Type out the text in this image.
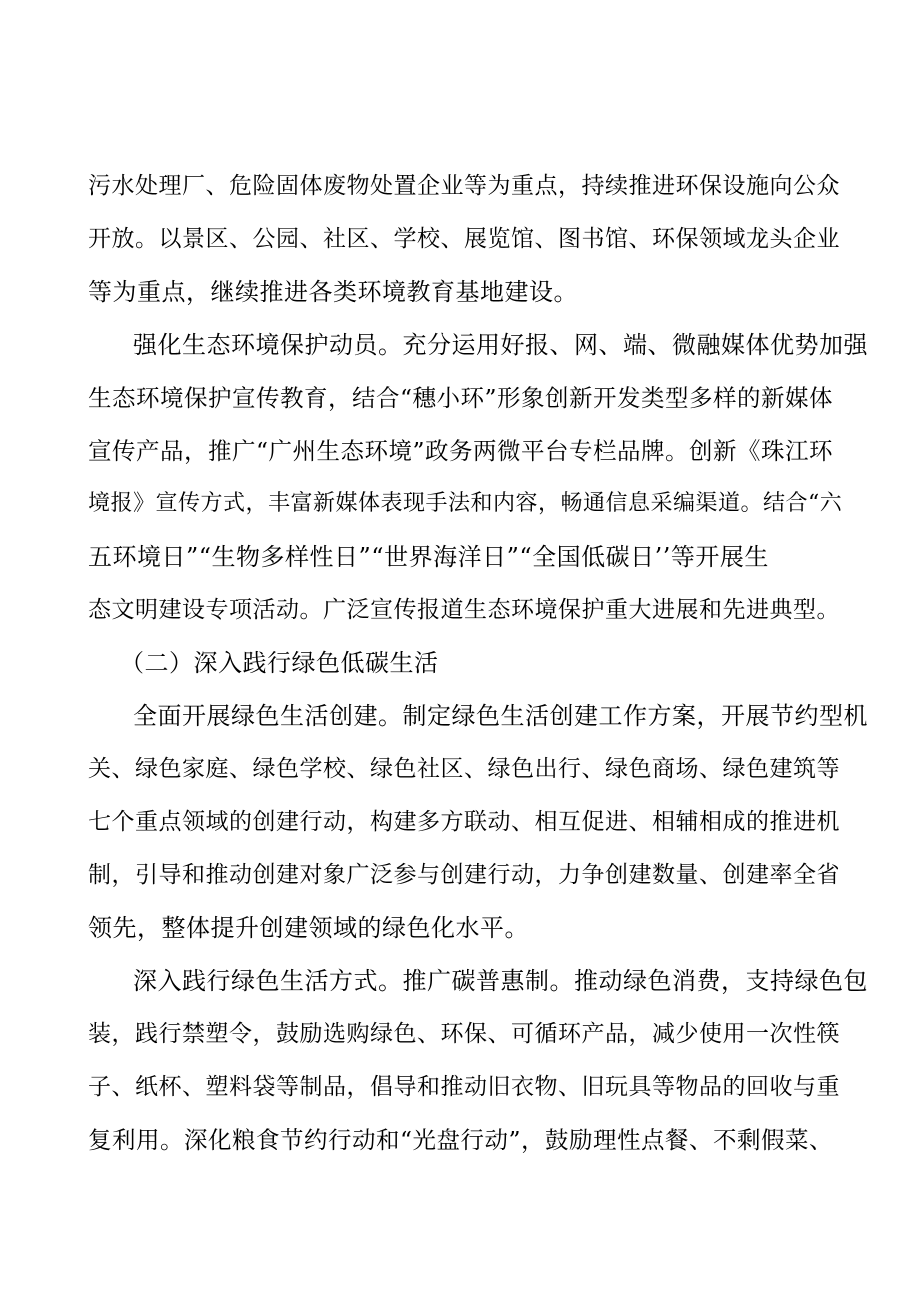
污水处理厂、危险固体废物处置企业等为重点，持续推进环保设施向公众
开放。以景区、公园、社区、学校、展览馆、图书馆、环保领域龙头企业
等为重点，继续推进各类环境教育基地建设。
强化生态环境保护动员。充分运用好报、网、端、微融媒体优势加强
生态环境保护宣传教育，结合“穗小环”形象创新开发类型多样的新媒体
宣传产品，推广“广州生态环境”政务两微平台专栏品牌。创新《珠江环
境报》宣传方式，丰富新媒体表现手法和内容，畅通信息采编渠道。结合“六
五环境日”“生物多样性日”“世界海洋日”“全国低碳日’’等开展生
态文明建设专项活动。广泛宣传报道生态环境保护重大进展和先进典型。
（二）深入践行绿色低碳生活
全面开展绿色生活创建。制定绿色生活创建工作方案，开展节约型机
关、绿色家庭、绿色学校、绿色社区、绿色出行、绿色商场、绿色建筑等
七个重点领域的创建行动，构建多方联动、相互促进、相辅相成的推进机
制，引导和推动创建对象广泛参与创建行动，力争创建数量、创建率全省
领先，整体提升创建领域的绿色化水平。
深入践行绿色生活方式。推广碳普惠制。推动绿色消费，支持绿色包
装，践行禁塑令，鼓励选购绿色、环保、可循环产品，减少使用一次性筷
子、纸杯、塑料袋等制品，倡导和推动旧衣物、旧玩具等物品的回收与重
复利用。深化粮食节约行动和“光盘行动”，鼓励理性点餐、不剩假菜、
